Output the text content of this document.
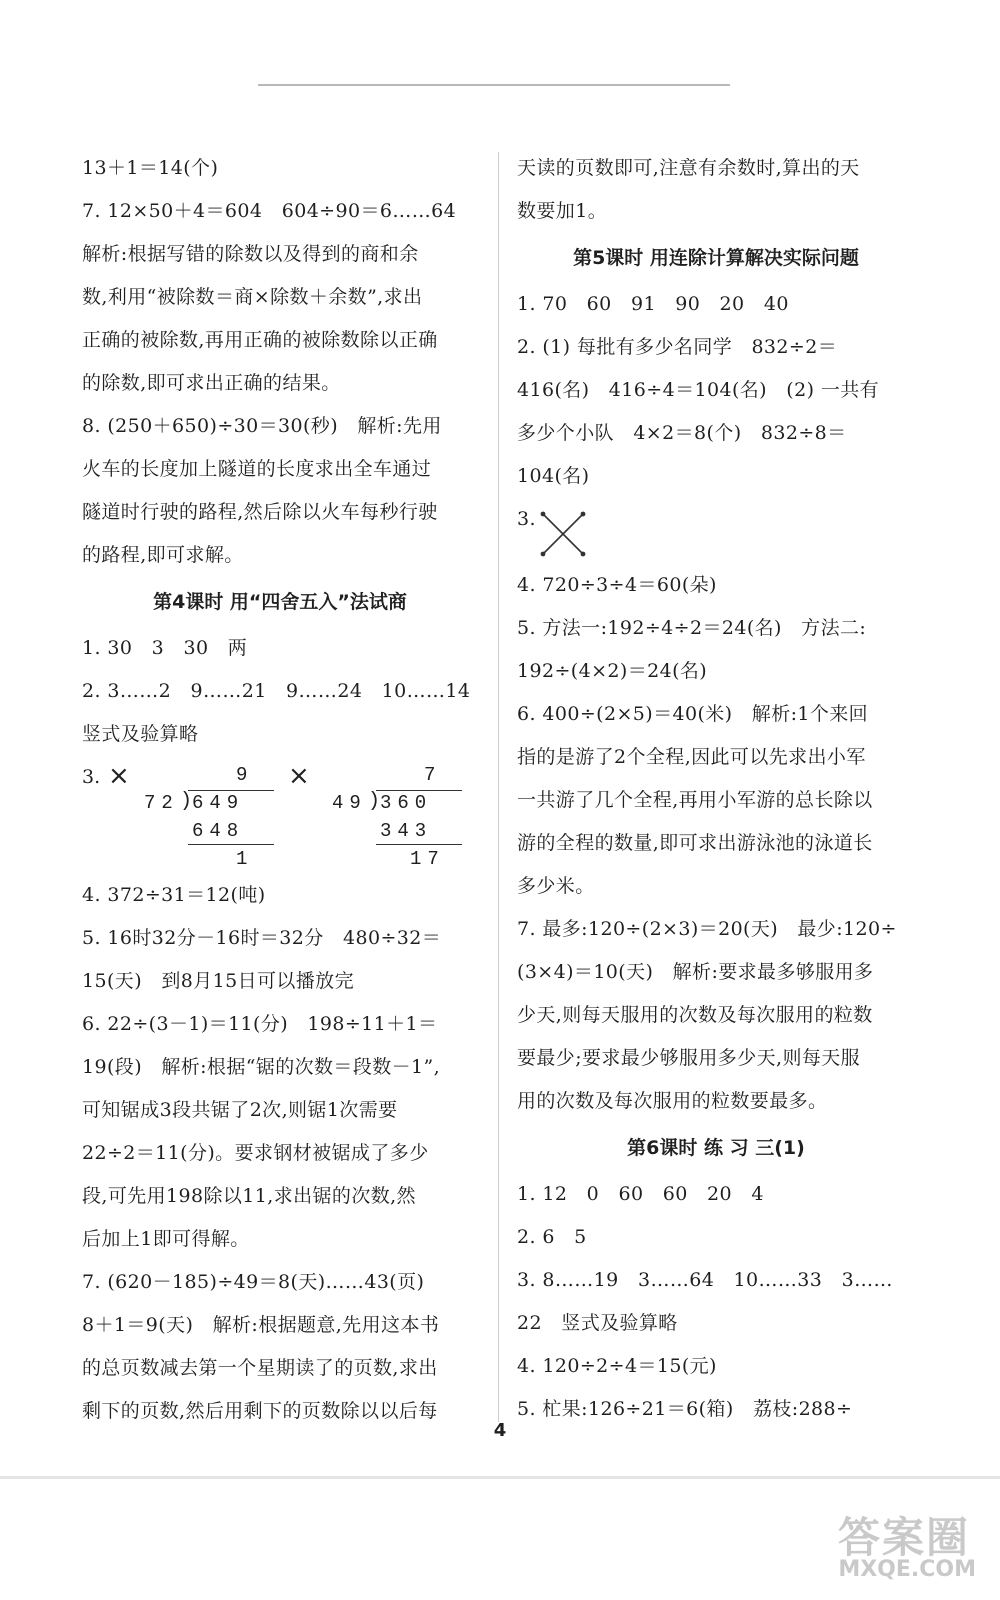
13＋1＝14(个)
7. 12×50＋4＝604   604÷90＝6……64
解析:根据写错的除数以及得到的商和余
数,利用“被除数＝商×除数＋余数”,求出
正确的被除数,再用正确的被除数除以正确
的除数,即可求出正确的结果。
8. (250＋650)÷30＝30(秒)   解析:先用
火车的长度加上隧道的长度求出全车通过
隧道时行驶的路程,然后除以火车每秒行驶
的路程,即可求解。
第4课时 用“四舍五入”法试商
1. 30   3   30   两
2. 3……2   9……21   9……24   10……14
竖式及验算略
3. ×	9
72 ) 649
648
1
×	7
49 ) 360
343
17
4. 372÷31＝12(吨)
5. 16时32分－16时＝32分   480÷32＝
15(天)   到8月15日可以播放完
6. 22÷(3－1)＝11(分)   198÷11＋1＝
19(段)   解析:根据“锯的次数＝段数－1”,
可知锯成3段共锯了2次,则锯1次需要
22÷2＝11(分)。要求钢材被锯成了多少
段,可先用198除以11,求出锯的次数,然
后加上1即可得解。
7. (620－185)÷49＝8(天)……43(页)
8＋1＝9(天)   解析:根据题意,先用这本书
的总页数减去第一个星期读了的页数,求出
剩下的页数,然后用剩下的页数除以以后每
天读的页数即可,注意有余数时,算出的天
数要加1。
第5课时 用连除计算解决实际问题
1. 70   60   91   90   20   40
2. (1) 每批有多少名同学   832÷2＝
416(名)   416÷4＝104(名)   (2) 一共有
多少个小队   4×2＝8(个)   832÷8＝
104(名)
3.
4. 720÷3÷4＝60(朵)
5. 方法一:192÷4÷2＝24(名)   方法二:
192÷(4×2)＝24(名)
6. 400÷(2×5)＝40(米)   解析:1个来回
指的是游了2个全程,因此可以先求出小军
一共游了几个全程,再用小军游的总长除以
游的全程的数量,即可求出游泳池的泳道长
多少米。
7. 最多:120÷(2×3)＝20(天)   最少:120÷
(3×4)＝10(天)   解析:要求最多够服用多
少天,则每天服用的次数及每次服用的粒数
要最少;要求最少够服用多少天,则每天服
用的次数及每次服用的粒数要最多。
第6课时 练 习 三(1)
1. 12   0   60   60   20   4
2. 6   5
3. 8……19   3……64   10……33   3……
22   竖式及验算略
4. 120÷2÷4＝15(元)
5. 杧果:126÷21＝6(箱)   荔枝:288÷
4
答案圈
MXQE.COM
